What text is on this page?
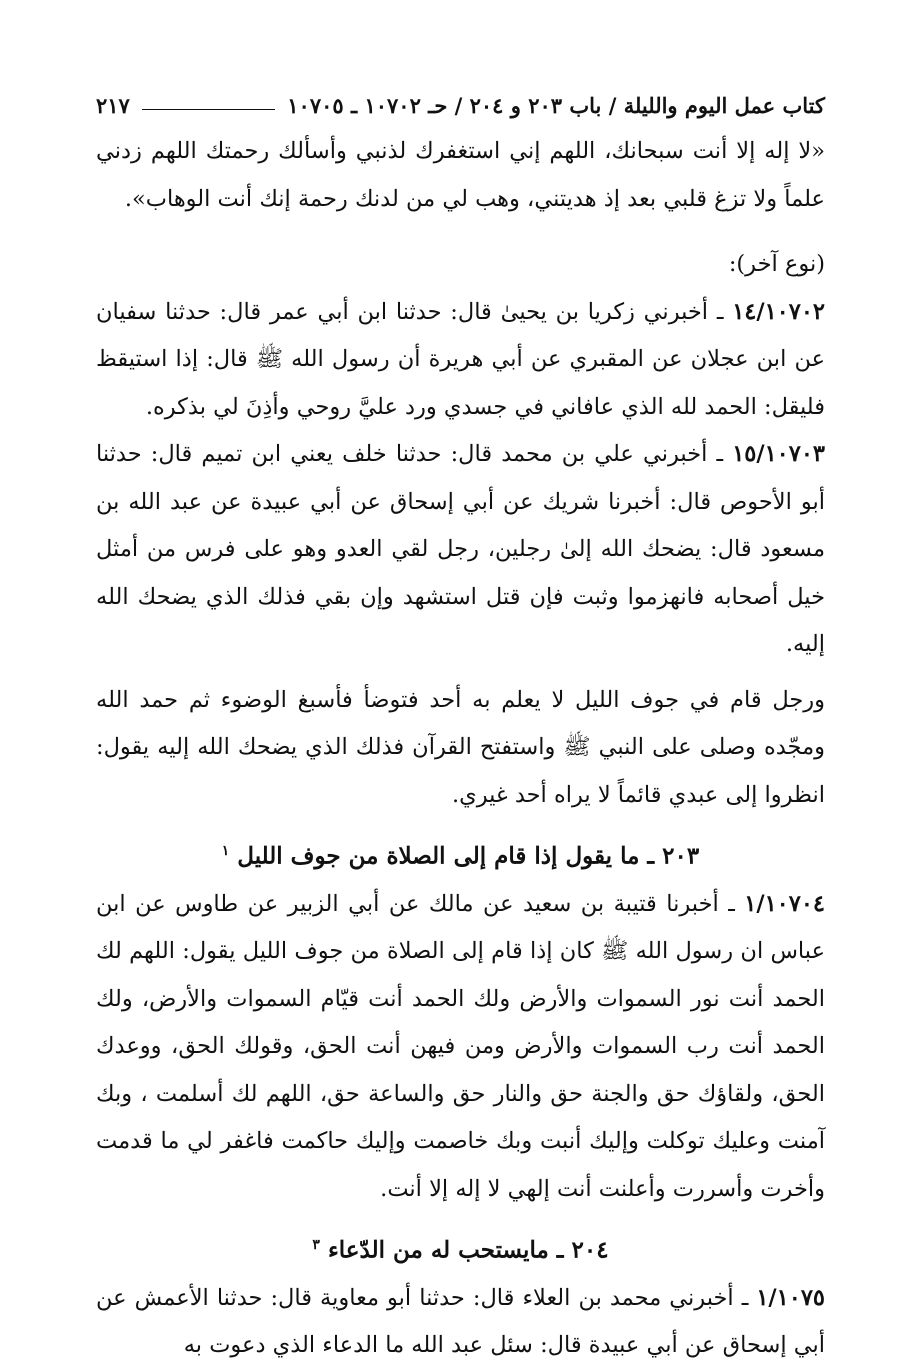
كتاب عمل اليوم والليلة / باب ٢٠٣ و ٢٠٤ / حـ ١٠٧٠٢ ـ ١٠٧٠٥
٢١٧

«لا إله إلا أنت سبحانك، اللهم إني استغفرك لذنبي وأسألك رحمتك اللهم زدني علماً ولا تزغ قلبي بعد إذ هديتني، وهب لي من لدنك رحمة إنك أنت الوهاب».

(نوع آخر):

١٤/١٠٧٠٢ ـ أخبرني زكريا بن يحيىٰ قال: حدثنا ابن أبي عمر قال: حدثنا سفيان عن ابن عجلان عن المقبري عن أبي هريرة أن رسول الله ﷺ قال: إذا استيقظ فليقل: الحمد لله الذي عافاني في جسدي ورد عليَّ روحي وأذِنَ لي بذكره.

١٥/١٠٧٠٣ ـ أخبرني علي بن محمد قال: حدثنا خلف يعني ابن تميم قال: حدثنا أبو الأحوص قال: أخبرنا شريك عن أبي إسحاق عن أبي عبيدة عن عبد الله بن مسعود قال: يضحك الله إلىٰ رجلين، رجل لقي العدو وهو على فرس من أمثل خيل أصحابه فانهزموا وثبت فإن قتل استشهد وإن بقي فذلك الذي يضحك الله إليه.

ورجل قام في جوف الليل لا يعلم به أحد فتوضأ فأسبغ الوضوء ثم حمد الله ومجّده وصلى على النبي ﷺ واستفتح القرآن فذلك الذي يضحك الله إليه يقول: انظروا إلى عبدي قائماً لا يراه أحد غيري.

٢٠٣ ـ ما يقول إذا قام إلى الصلاة من جوف الليل $^١$

١/١٠٧٠٤ ـ أخبرنا قتيبة بن سعيد عن مالك عن أبي الزبير عن طاوس عن ابن عباس ان رسول الله ﷺ كان إذا قام إلى الصلاة من جوف الليل يقول: اللهم لك الحمد أنت نور السموات والأرض ولك الحمد أنت قيّام السموات والأرض، ولك الحمد أنت رب السموات والأرض ومن فيهن أنت الحق، وقولك الحق، ووعدك الحق، ولقاؤك حق والجنة حق والنار حق والساعة حق، اللهم لك أسلمت ، وبك آمنت وعليك توكلت وإليك أنبت وبك خاصمت وإليك حاكمت فاغفر لي ما قدمت وأخرت وأسررت وأعلنت أنت إلهي لا إله إلا أنت.

٢٠٤ ـ مايستحب له من الدّعاء $^٣$

١/١٠٧٥ ـ أخبرني محمد بن العلاء قال: حدثنا أبو معاوية قال: حدثنا الأعمش عن أبي إسحاق عن أبي عبيدة قال: سئل عبد الله ما الدعاء الذي دعوت به
